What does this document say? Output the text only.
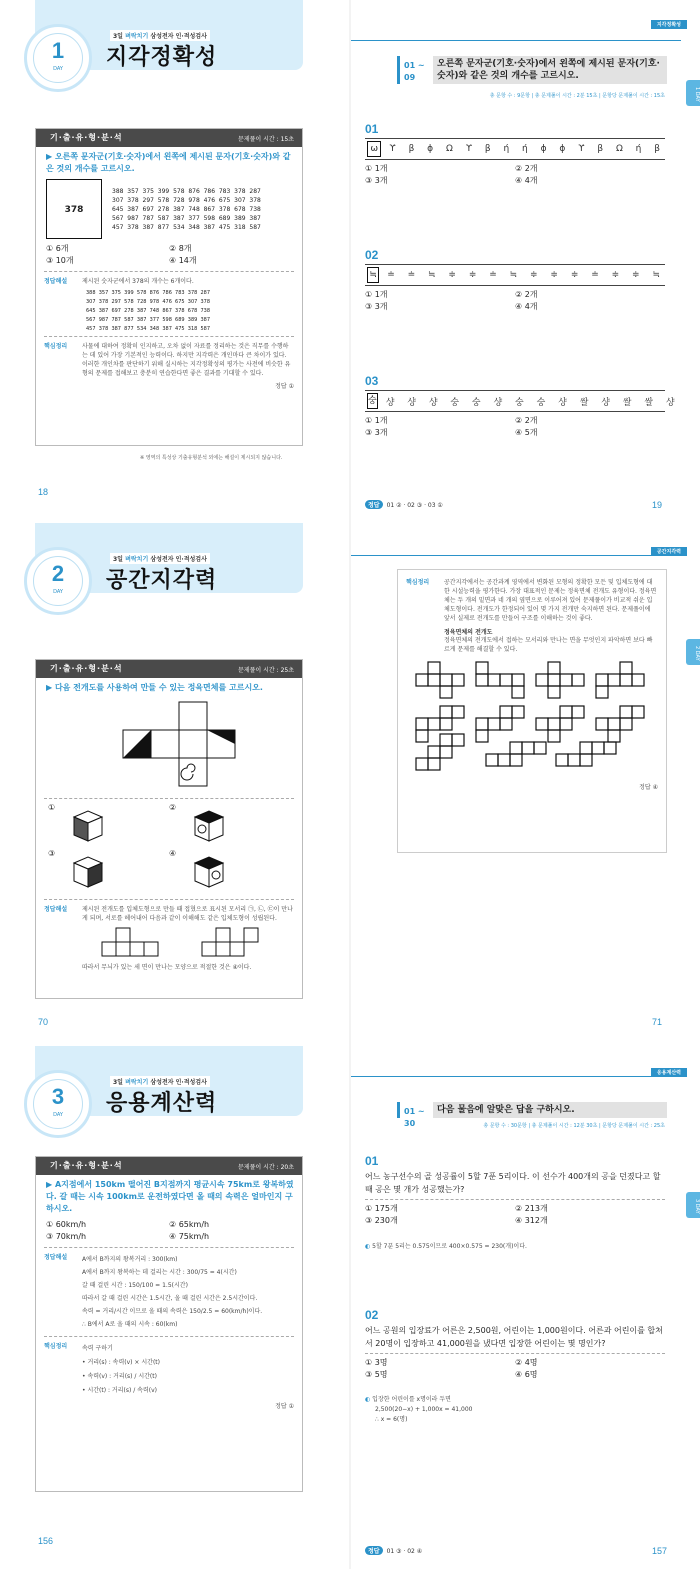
3일 벼락치기 삼성전자 인·적성검사
1
DAY	지각정확성
기·출·유·형·분·석	문제풀이 시간 : 15초
▶ 오른쪽 문자군(기호·숫자)에서 왼쪽에 제시된 문자(기호·숫자)와 같은 것의 개수를 고르시오.
378
388  357  375  399  578  876  786  783  378  287
307  378  297  578  728  978  476  675  307  378
645  387  697  278  387  748  867  378  678  738
567  987  787  587  387  377  598  689  389  387
457  378  387  877  534  348  387  475  318  587
① 6개	② 8개
③ 10개	④ 14개
정답해설	제시된 숫자군에서 378의 개수는 6개이다.
388  357  375  399  578  876  786  783  378  287
307  378  297  578  728  978  476  675  307  378
645  387  697  278  387  748  867  378  678  738
567  987  787  587  387  377  598  689  389  387
457  378  387  877  534  348  387  475  318  587
핵심정리	사물에 대하여 정확히 인지하고, 오차 없이 자료를 정리하는 것은 직무를 수행하는 데 있어 가장 기본적인 능력이다. 하지만 지각력은 개인마다 큰 차이가 있다. 이러한 개인차를 판단하기 위해 실시하는 지각정확성의 평가는 사전에 비슷한 유형의 문제를 접해보고 충분히 연습한다면 좋은 결과를 기대할 수 있다.
정답 ①
※ 영역의 특성상 기출유형분석 외에는 해설이 제시되지 않습니다.
18
지각정확성
1 DAY
01 ~ 09
오른쪽 문자군(기호·숫자)에서 왼쪽에 제시된 문자(기호·숫자)와 같은 것의 개수를 고르시오.
총 문항 수 : 9문항 | 총 문제풀이 시간 : 2분 15초 | 문항당 문제풀이 시간 : 15초
01
ω	ϒ β ϕ Ω ϒ β ή ή ϕ ϕ ϒ β Ω ή β
① 1개	② 2개
③ 3개	④ 4개
02
≒	≐ ≐ ≒ ≑ ≑ ≐ ≒ ≑ ≑ ≑ ≐ ≑ ≑ ≒
① 1개	② 2개
③ 3개	④ 4개
03
숭	샹 샹 샹 숭 숭 샹 숭 숭 샹 쌀 샹 쌀 쌀 샹
① 1개	② 2개
③ 3개	④ 5개
정답 01 ② · 02 ③ · 03 ①	19
3일 벼락치기 삼성전자 인·적성검사
2
DAY	공간지각력
기·출·유·형·분·석	문제풀이 시간 : 25초
▶ 다음 전개도를 사용하여 만들 수 있는 정육면체를 고르시오.
①	②
③	④
정답해설	제시된 전개도를 입체도형으로 만들 때 접혔으로 표시된 모서리 ㉠, ㉡, ㉢이 만나게 되며, 서로를 헤어내어 다음과 같이 이해해도 같은 입체도형이 성립된다.
따라서 무늬가 있는 세 면이 만나는 모양으로 적절한 것은 ④이다.
70
공간지각력
2 DAY
핵심정리	공간지각에서는 공간과계 영역에서 변화된 모형의 정확한 모든 및 입체도형에 대한 시설능력을 평가한다. 가장 대표적인 문제는 정육면체 전개도 유형이다. 정육면체는 두 개의 밑면과 네 개의 옆면으로 이루어져 있어 문제풀이가 비교적 쉬운 입체도형이다. 전개도가 한정되어 있어 몇 가지 전개만 숙지하면 된다. 문제풀이에 앞서 실제로 전개도를 만들어 구조를 이해하는 것이 좋다.
정육면체의 전개도
정육면체의 전개도에서 접하는 모서리와 만나는 면을 무엇인지 파악하면 보다 빠르게 문제를 해결할 수 있다.
정답 ④
71
3일 벼락치기 삼성전자 인·적성검사
3
DAY	응용계산력
기·출·유·형·분·석	문제풀이 시간 : 20초
▶ A지점에서 150km 떨어진 B지점까지 평균시속 75km로 왕복하였다. 갈 때는 시속 100km로 운전하였다면 올 때의 속력은 얼마인지 구하시오.
① 60km/h	② 65km/h
③ 70km/h	④ 75km/h
정답해설	A에서 B까지의 왕복거리 : 300(km)
A에서 B까지 왕복하는 데 걸리는 시간 : 300/75 = 4(시간)
갈 때 걸린 시간 : 150/100 = 1.5(시간)
따라서 갈 때 걸린 시간은 1.5시간, 올 때 걸린 시간은 2.5시간이다.
속력 = 거리/시간 이므로 올 때의 속력은 150/2.5 = 60(km/h)이다.
∴ B에서 A로 올 때의 시속 : 60(km)
핵심정리	속력 구하기
• 거리(s) : 속력(v) × 시간(t)
• 속력(v) : 거리(s) / 시간(t)
• 시간(t) : 거리(s) / 속력(v)
정답 ①
156
응용계산력
3 DAY
01 ~ 30
다음 물음에 알맞은 답을 구하시오.
총 문항 수 : 30문항 | 총 문제풀이 시간 : 12분 30초 | 문항당 문제풀이 시간 : 25초
01
어느 농구선수의 골 성공률이 5할 7푼 5리이다. 이 선수가 400개의 공을 던졌다고 할 때 공은 몇 개가 성공했는가?
① 175개	② 213개
③ 230개	④ 312개
◐ 5할 7푼 5리는 0.575이므로 400×0.575 = 230(개)이다.
02
어느 공원의 입장료가 어른은 2,500원, 어린이는 1,000원이다. 어른과 어린이를 합쳐서 20명이 입장하고 41,000원을 냈다면 입장한 어린이는 몇 명인가?
① 3명	② 4명
③ 5명	④ 6명
◐ 입장한 어린이를 x명이라 두면
2,500(20−x) + 1,000x = 41,000
∴ x = 6(명)
정답 01 ③ · 02 ④	157
